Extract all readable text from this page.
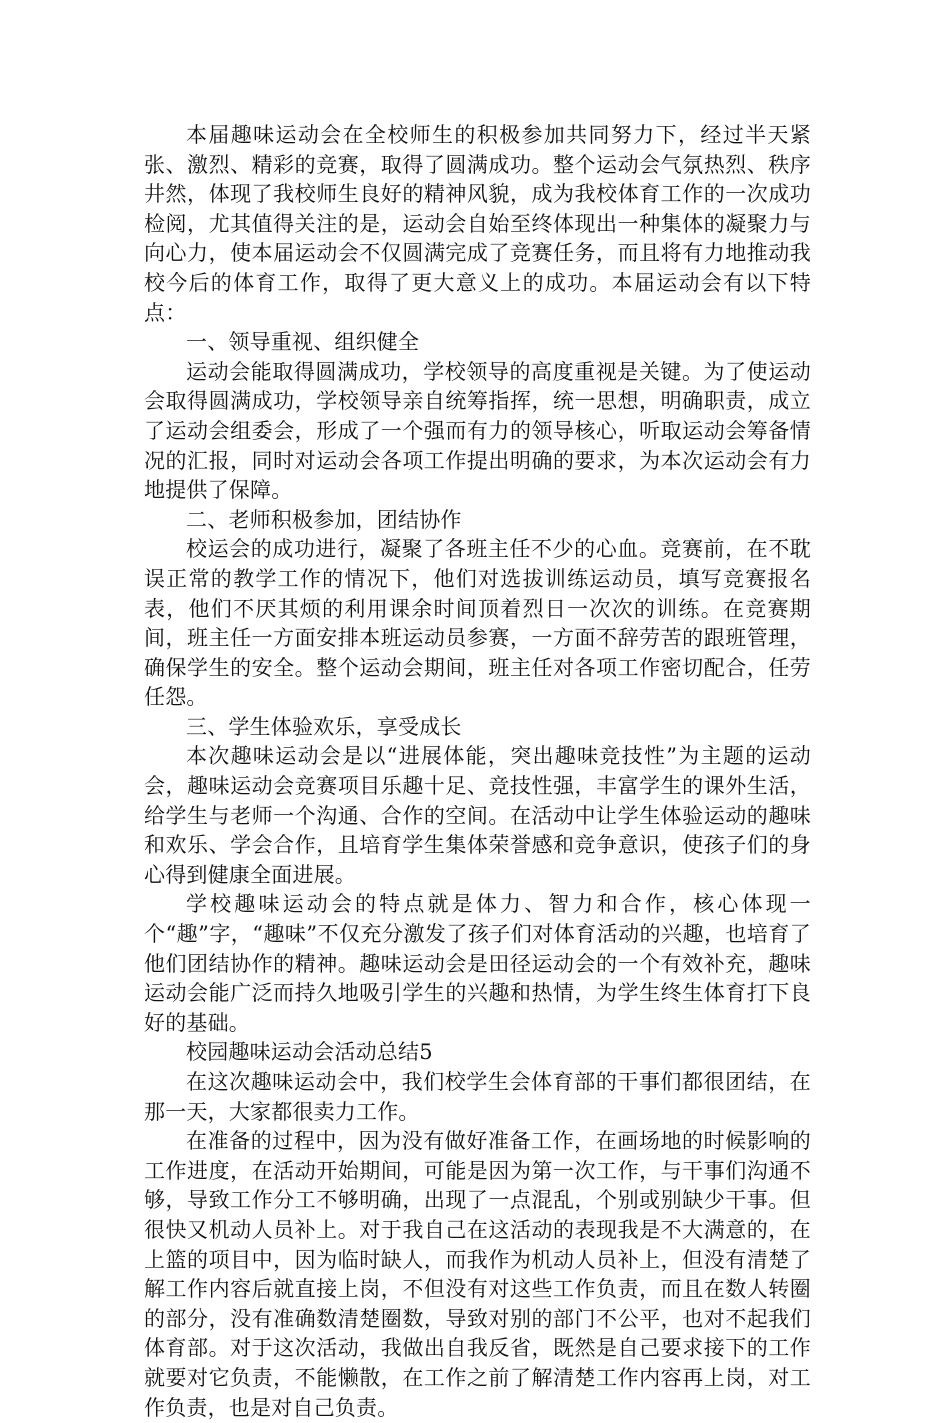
本届趣味运动会在全校师生的积极参加共同努力下，经过半天紧张、激烈、精彩的竞赛，取得了圆满成功。整个运动会气氛热烈、秩序井然，体现了我校师生良好的精神风貌，成为我校体育工作的一次成功检阅，尤其值得关注的是，运动会自始至终体现出一种集体的凝聚力与向心力，使本届运动会不仅圆满完成了竞赛任务，而且将有力地推动我校今后的体育工作，取得了更大意义上的成功。本届运动会有以下特点：

一、领导重视、组织健全

运动会能取得圆满成功，学校领导的高度重视是关键。为了使运动会取得圆满成功，学校领导亲自统筹指挥，统一思想，明确职责，成立了运动会组委会，形成了一个强而有力的领导核心，听取运动会筹备情况的汇报，同时对运动会各项工作提出明确的要求，为本次运动会有力地提供了保障。

二、老师积极参加，团结协作

校运会的成功进行，凝聚了各班主任不少的心血。竞赛前，在不耽误正常的教学工作的情况下，他们对选拔训练运动员，填写竞赛报名表，他们不厌其烦的利用课余时间顶着烈日一次次的训练。在竞赛期间，班主任一方面安排本班运动员参赛，一方面不辞劳苦的跟班管理，确保学生的安全。整个运动会期间，班主任对各项工作密切配合，任劳任怨。

三、学生体验欢乐，享受成长

本次趣味运动会是以“进展体能，突出趣味竞技性”为主题的运动会，趣味运动会竞赛项目乐趣十足、竞技性强，丰富学生的课外生活，给学生与老师一个沟通、合作的空间。在活动中让学生体验运动的趣味和欢乐、学会合作，且培育学生集体荣誉感和竞争意识，使孩子们的身心得到健康全面进展。

学校趣味运动会的特点就是体力、智力和合作，核心体现一个“趣”字，“趣味”不仅充分激发了孩子们对体育活动的兴趣，也培育了他们团结协作的精神。趣味运动会是田径运动会的一个有效补充，趣味运动会能广泛而持久地吸引学生的兴趣和热情，为学生终生体育打下良好的基础。

校园趣味运动会活动总结5

在这次趣味运动会中，我们校学生会体育部的干事们都很团结，在那一天，大家都很卖力工作。

在准备的过程中，因为没有做好准备工作，在画场地的时候影响的工作进度，在活动开始期间，可能是因为第一次工作，与干事们沟通不够，导致工作分工不够明确，出现了一点混乱，个别或别缺少干事。但很快又机动人员补上。对于我自己在这活动的表现我是不大满意的，在上篮的项目中，因为临时缺人，而我作为机动人员补上，但没有清楚了解工作内容后就直接上岗，不但没有对这些工作负责，而且在数人转圈的部分，没有准确数清楚圈数，导致对别的部门不公平，也对不起我们体育部。对于这次活动，我做出自我反省，既然是自己要求接下的工作就要对它负责，不能懒散，在工作之前了解清楚工作内容再上岗，对工作负责，也是对自己负责。
